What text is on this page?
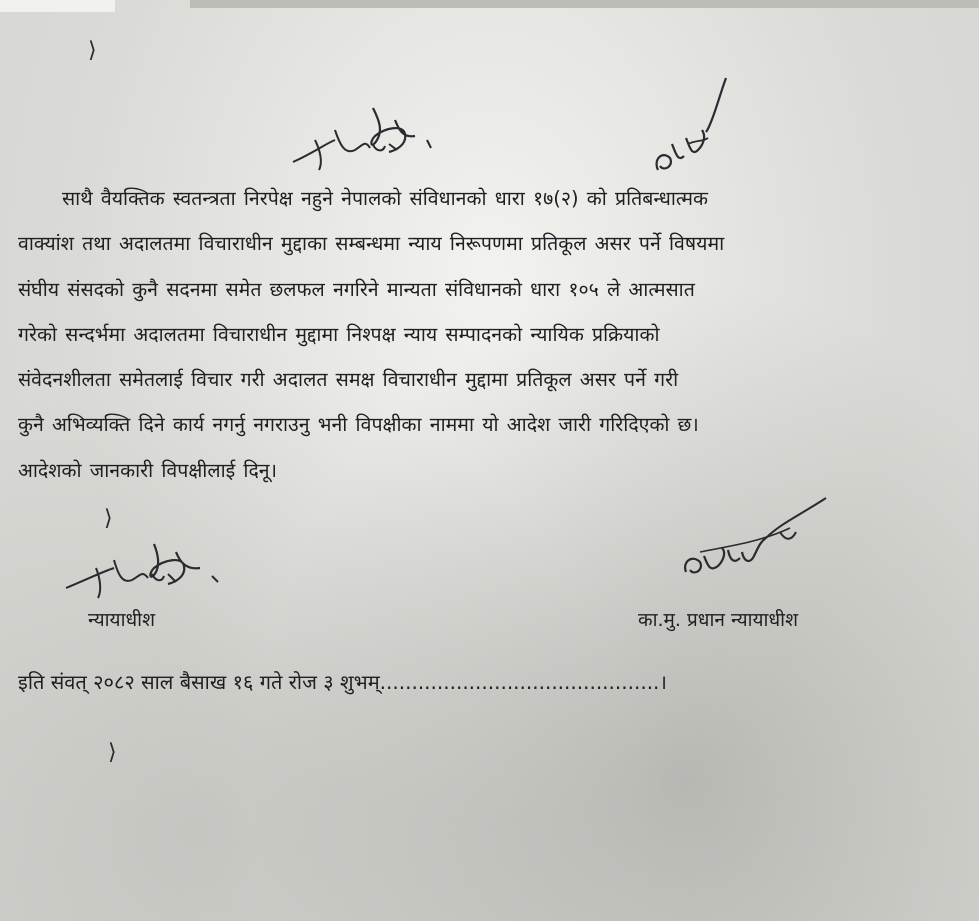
⟩
⟩
⟩
साथै वैयक्तिक स्वतन्त्रता निरपेक्ष नहुने नेपालको संविधानको धारा १७(२) को प्रतिबन्धात्मक
वाक्यांश तथा अदालतमा विचाराधीन मुद्दाका सम्बन्धमा न्याय निरूपणमा प्रतिकूल असर पर्ने विषयमा
संघीय संसदको कुनै सदनमा समेत छलफल नगरिने मान्यता संविधानको धारा १०५ ले आत्मसात
गरेको सन्दर्भमा अदालतमा विचाराधीन मुद्दामा निश्पक्ष न्याय सम्पादनको न्यायिक प्रक्रियाको
संवेदनशीलता समेतलाई विचार गरी अदालत समक्ष विचाराधीन मुद्दामा प्रतिकूल असर पर्ने गरी
कुनै अभिव्यक्ति दिने कार्य नगर्नु नगराउनु भनी विपक्षीका नाममा यो आदेश जारी गरिदिएको छ।
आदेशको जानकारी विपक्षीलाई दिनू।
न्यायाधीश	का.मु. प्रधान न्यायाधीश
इति संवत् २०८२ साल बैसाख १६ गते रोज ३ शुभम्............................................।
